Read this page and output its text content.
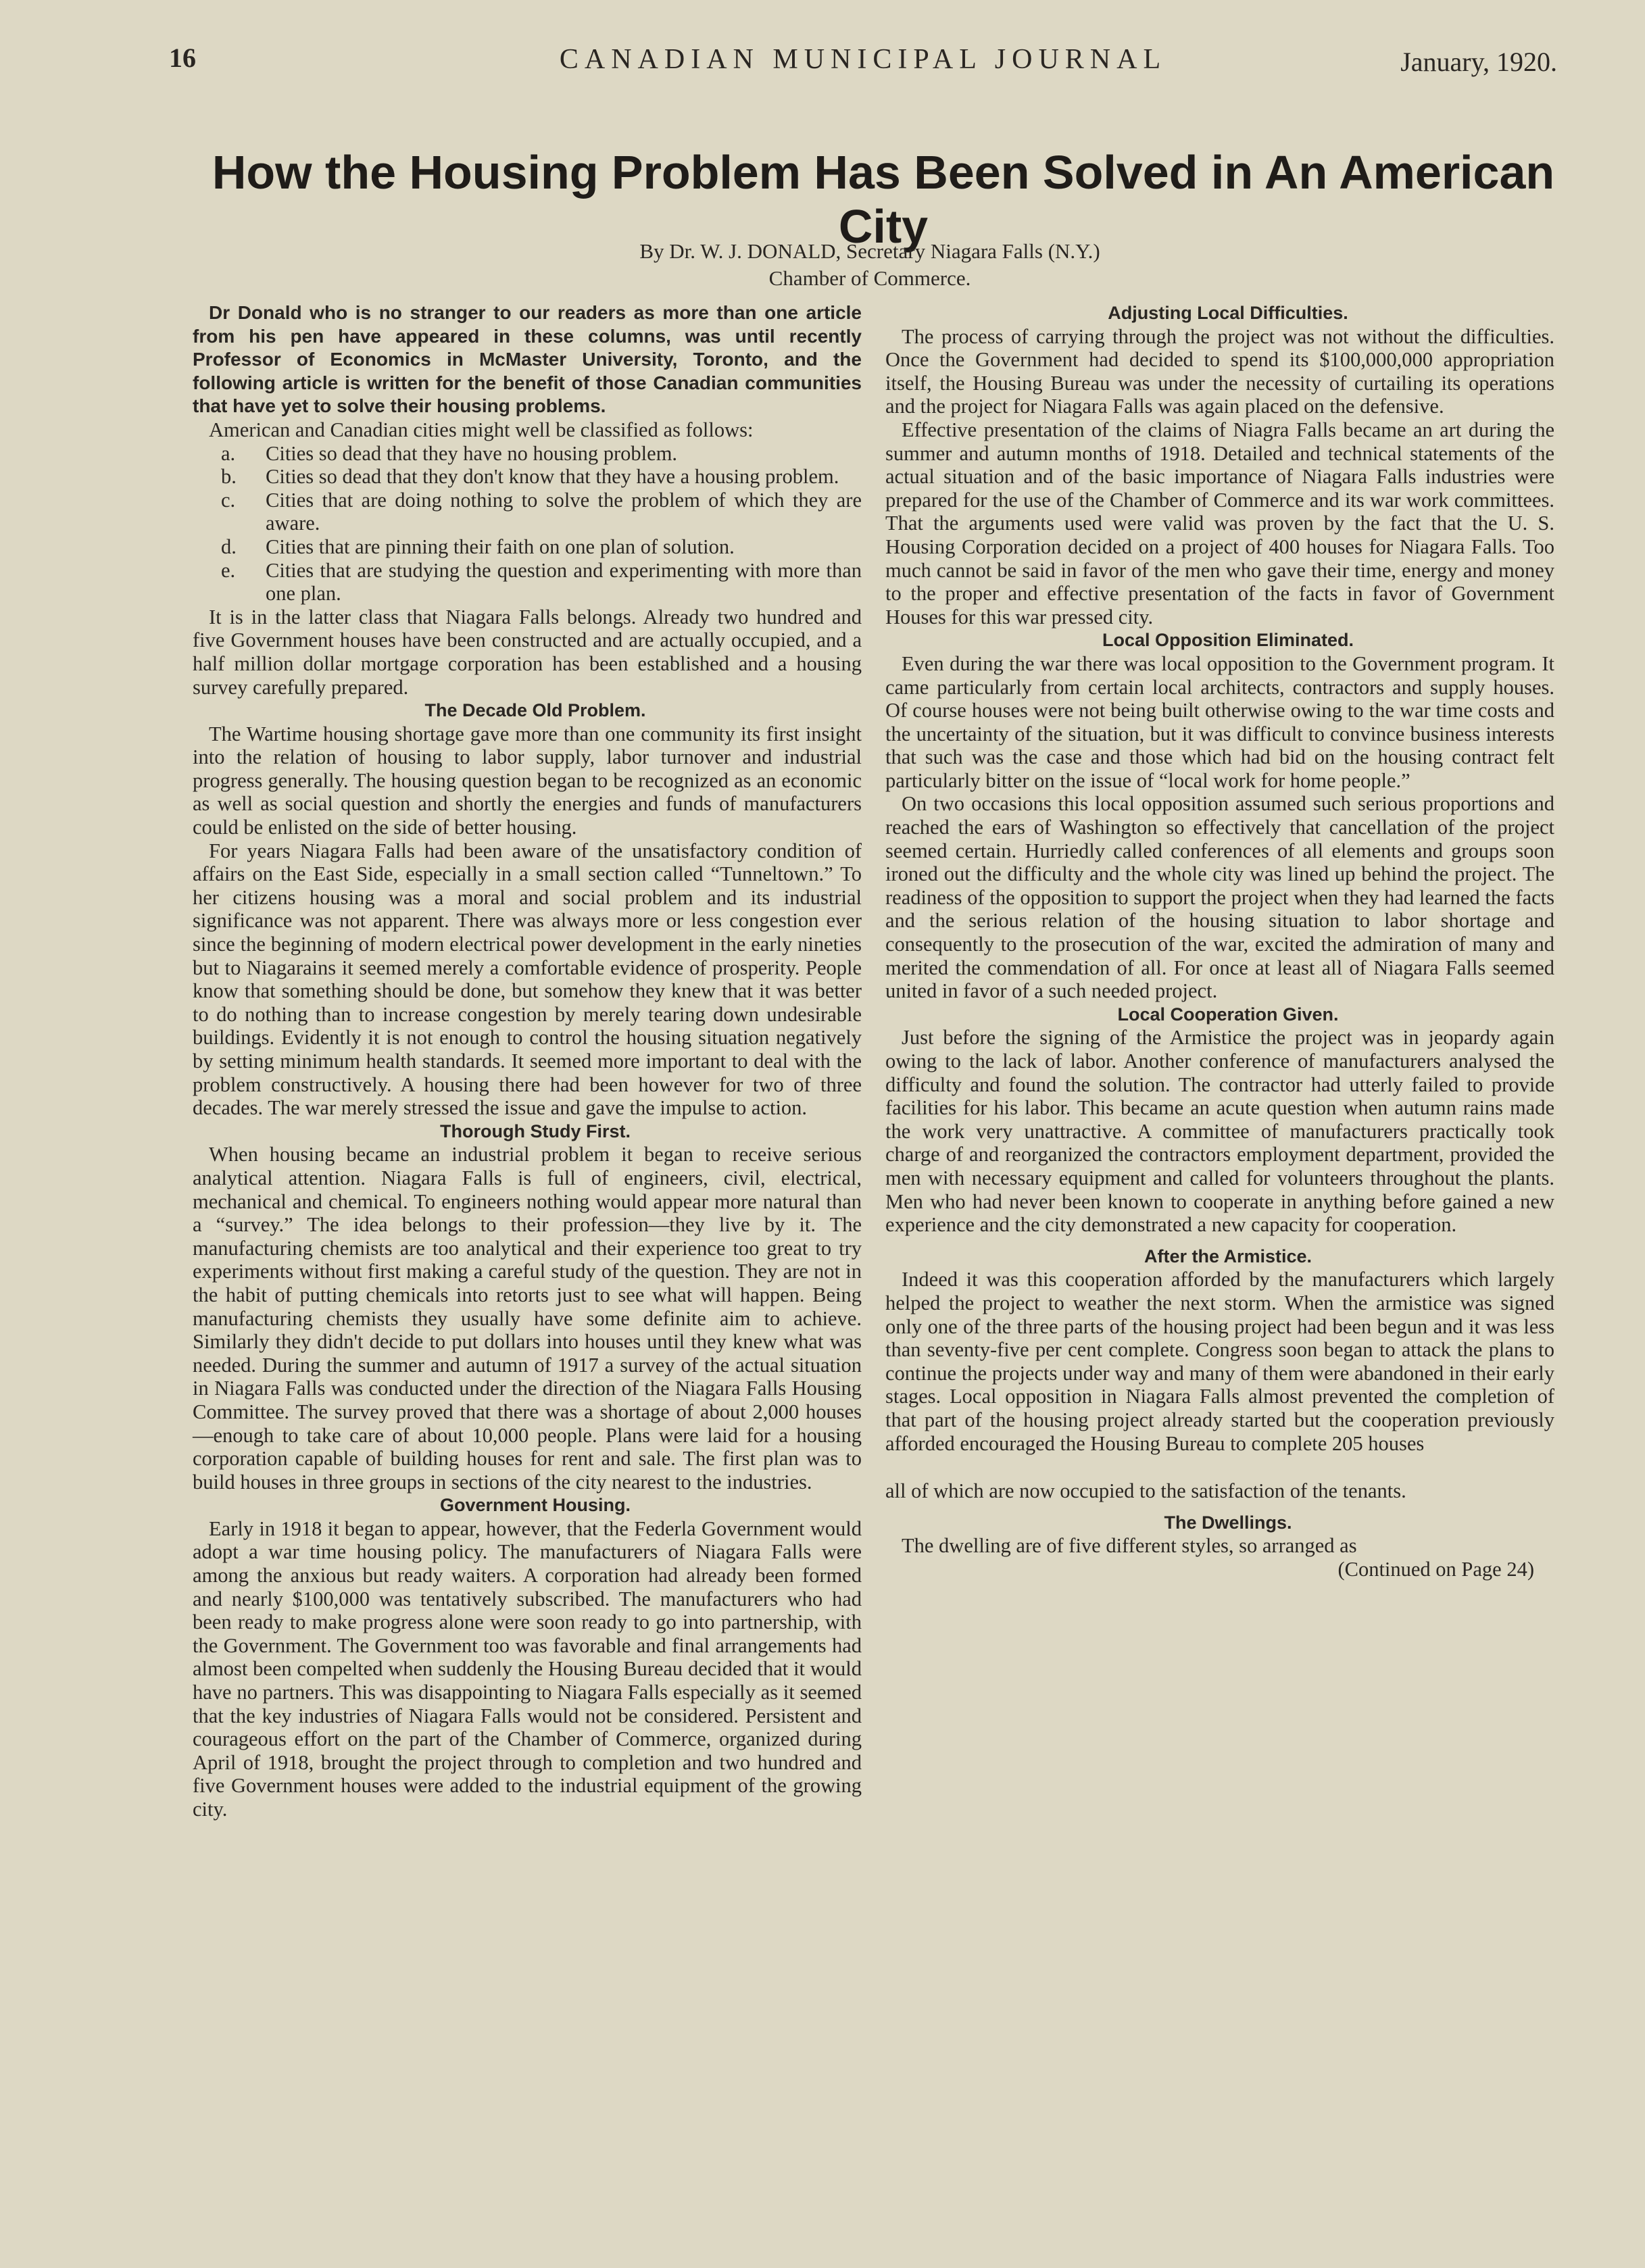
16	CANADIAN MUNICIPAL JOURNAL	January, 1920.
How the Housing Problem Has Been Solved in An American City
By Dr. W. J. DONALD, Secretary Niagara Falls (N.Y.)
Chamber of Commerce.

Dr Donald who is no stranger to our readers as more than one article from his pen have appeared in these columns, was until recently Professor of Economics in McMaster University, Toronto, and the following article is written for the benefit of those Canadian communities that have yet to solve their housing problems.

American and Canadian cities might well be classified as follows:

a. Cities so dead that they have no housing problem.
b. Cities so dead that they don't know that they have a housing problem.
c. Cities that are doing nothing to solve the problem of which they are aware.
d. Cities that are pinning their faith on one plan of solution.
e. Cities that are studying the question and experimenting with more than one plan.

It is in the latter class that Niagara Falls belongs. Already two hundred and five Government houses have been constructed and are actually occupied, and a half million dollar mortgage corporation has been established and a housing survey carefully prepared.

The Decade Old Problem.

The Wartime housing shortage gave more than one community its first insight into the relation of housing to labor supply, labor turnover and industrial progress generally. The housing question began to be recognized as an economic as well as social question and shortly the energies and funds of manufacturers could be enlisted on the side of better housing.

For years Niagara Falls had been aware of the unsatisfactory condition of affairs on the East Side, especially in a small section called “Tunneltown.” To her citizens housing was a moral and social problem and its industrial significance was not apparent. There was always more or less congestion ever since the beginning of modern electrical power development in the early nineties but to Niagarains it seemed merely a comfortable evidence of prosperity. People know that something should be done, but somehow they knew that it was better to do nothing than to increase congestion by merely tearing down undesirable buildings. Evidently it is not enough to control the housing situation negatively by setting minimum health standards. It seemed more important to deal with the problem constructively. A housing there had been however for two of three decades. The war merely stressed the issue and gave the impulse to action.

Thorough Study First.

When housing became an industrial problem it began to receive serious analytical attention. Niagara Falls is full of engineers, civil, electrical, mechanical and chemical. To engineers nothing would appear more natural than a “survey.” The idea belongs to their profession—they live by it. The manufacturing chemists are too analytical and their experience too great to try experiments without first making a careful study of the question. They are not in the habit of putting chemicals into retorts just to see what will happen. Being manufacturing chemists they usually have some definite aim to achieve. Similarly they didn't decide to put dollars into houses until they knew what was needed. During the summer and autumn of 1917 a survey of the actual situation in Niagara Falls was conducted under the direction of the Niagara Falls Housing Committee. The survey proved that there was a shortage of about 2,000 houses—enough to take care of about 10,000 people. Plans were laid for a housing corporation capable of building houses for rent and sale. The first plan was to build houses in three groups in sections of the city nearest to the industries.

Government Housing.

Early in 1918 it began to appear, however, that the Federla Government would adopt a war time housing policy. The manufacturers of Niagara Falls were among the anxious but ready waiters. A corporation had already been formed and nearly $100,000 was tentatively subscribed. The manufacturers who had been ready to make progress alone were soon ready to go into partnership, with the Government. The Government too was favorable and final arrangements had almost been compelted when suddenly the Housing Bureau decided that it would have no partners. This was disappointing to Niagara Falls especially as it seemed that the key industries of Niagara Falls would not be considered. Persistent and courageous effort on the part of the Chamber of Commerce, organized during April of 1918, brought the project through to completion and two hundred and five Government houses were added to the industrial equipment of the growing city.

Adjusting Local Difficulties.

The process of carrying through the project was not without the difficulties. Once the Government had decided to spend its $100,000,000 appropriation itself, the Housing Bureau was under the necessity of curtailing its operations and the project for Niagara Falls was again placed on the defensive.

Effective presentation of the claims of Niagra Falls became an art during the summer and autumn months of 1918. Detailed and technical statements of the actual situation and of the basic importance of Niagara Falls industries were prepared for the use of the Chamber of Commerce and its war work committees. That the arguments used were valid was proven by the fact that the U. S. Housing Corporation decided on a project of 400 houses for Niagara Falls. Too much cannot be said in favor of the men who gave their time, energy and money to the proper and effective presentation of the facts in favor of Government Houses for this war pressed city.

Local Opposition Eliminated.

Even during the war there was local opposition to the Government program. It came particularly from certain local architects, contractors and supply houses. Of course houses were not being built otherwise owing to the war time costs and the uncertainty of the situation, but it was difficult to convince business interests that such was the case and those which had bid on the housing contract felt particularly bitter on the issue of “local work for home people.”

On two occasions this local opposition assumed such serious proportions and reached the ears of Washington so effectively that cancellation of the project seemed certain. Hurriedly called conferences of all elements and groups soon ironed out the difficulty and the whole city was lined up behind the project. The readiness of the opposition to support the project when they had learned the facts and the serious relation of the housing situation to labor shortage and consequently to the prosecution of the war, excited the admiration of many and merited the commendation of all. For once at least all of Niagara Falls seemed united in favor of a such needed project.

Local Cooperation Given.

Just before the signing of the Armistice the project was in jeopardy again owing to the lack of labor. Another conference of manufacturers analysed the difficulty and found the solution. The contractor had utterly failed to provide facilities for his labor. This became an acute question when autumn rains made the work very unattractive. A committee of manufacturers practically took charge of and reorganized the contractors employment department, provided the men with necessary equipment and called for volunteers throughout the plants. Men who had never been known to cooperate in anything before gained a new experience and the city demonstrated a new capacity for cooperation.

After the Armistice.

Indeed it was this cooperation afforded by the manufacturers which largely helped the project to weather the next storm. When the armistice was signed only one of the three parts of the housing project had been begun and it was less than seventy-five per cent complete. Congress soon began to attack the plans to continue the projects under way and many of them were abandoned in their early stages. Local opposition in Niagara Falls almost prevented the completion of that part of the housing project already started but the cooperation previously afforded encouraged the Housing Bureau to complete 205 houses

all of which are now occupied to the satisfaction of the tenants.

The Dwellings.

The dwelling are of five different styles, so arranged as

(Continued on Page 24)
